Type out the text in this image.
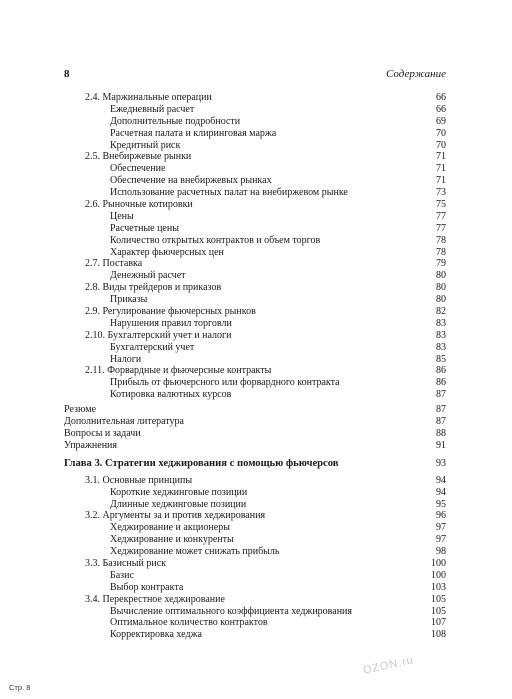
8	Содержание
2.4. Маржинальные операции	66
Ежедневный расчет	66
Дополнительные подробности	69
Расчетная палата и клиринговая маржа	70
Кредитный риск	70
2.5. Внебиржевые рынки	71
Обеспечение	71
Обеспечение на внебиржевых рынках	71
Использование расчетных палат на внебиржевом рынке	73
2.6. Рыночные котировки	75
Цены	77
Расчетные цены	77
Количество открытых контрактов и объем торгов	78
Характер фьючерсных цен	78
2.7. Поставка	79
Денежный расчет	80
2.8. Виды трейдеров и приказов	80
Приказы	80
2.9. Регулирование фьючерсных рынков	82
Нарушения правил торговли	83
2.10. Бухгалтерский учет и налоги	83
Бухгалтерский учет	83
Налоги	85
2.11. Форвардные и фьючерсные контракты	86
Прибыль от фьючерсного или форвардного контракта	86
Котировка валютных курсов	87
Резюме	87
Дополнительная литература	87
Вопросы и задачи	88
Упражнения	91
Глава 3. Стратегии хеджирования с помощью фьючерсов	93
3.1. Основные принципы	94
Короткие хеджинговые позиции	94
Длинные хеджинговые позиции	95
3.2. Аргументы за и против хеджирования	96
Хеджирование и акционеры	97
Хеджирование и конкуренты	97
Хеджирование может снижать прибыль	98
3.3. Базисный риск	100
Базис	100
Выбор контракта	103
3.4. Перекрестное хеджирование	105
Вычисление оптимального коэффициента хеджирования	105
Оптимальное количество контрактов	107
Корректировка хеджа	108
Стр. 8
OZON.ru
